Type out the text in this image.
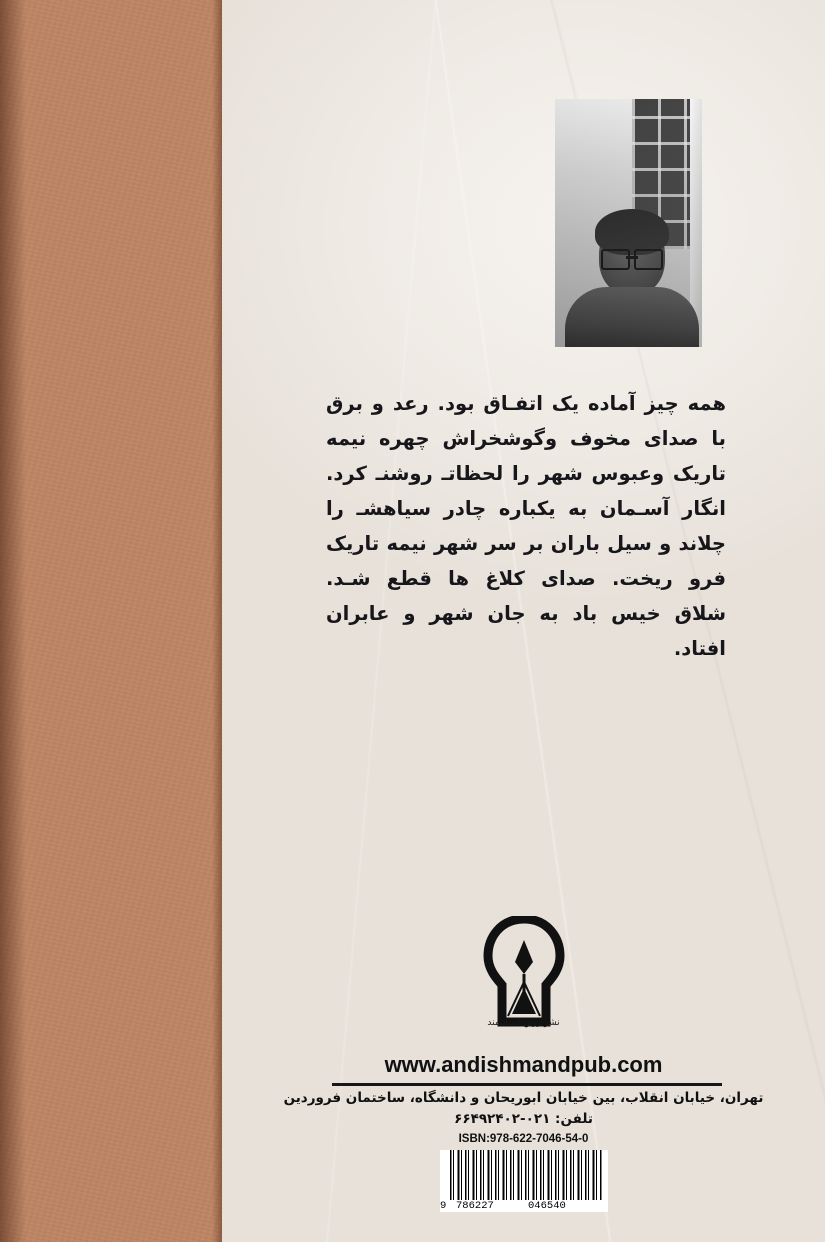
همه چیز آماده یک اتفـاق بود. رعد و برق با صدای مخوف وگوشخراش چهره نیمه تاریک وعبوس شهر را لحظاتـ روشنـ کرد. انگار آسـمان به یکباره چادر سیاهشـ را چلاند و سیل باران بر سر شهر نیمه تاریک فرو ریخت. صدای کلاغ ها قطع شـد. شلاق خیس باد به جان شهر و عابران افتاد.

نشر زرین اندیشمند
www.andishmandpub.com
تهران، خیابان انقلاب، بین خیابان ابوریحان و دانشگاه، ساختمان فروردین
تلفن: ۰۲۱-۶۶۴۹۲۴۰۲
ISBN:978-622-7046-54-0
9 786227	046540
